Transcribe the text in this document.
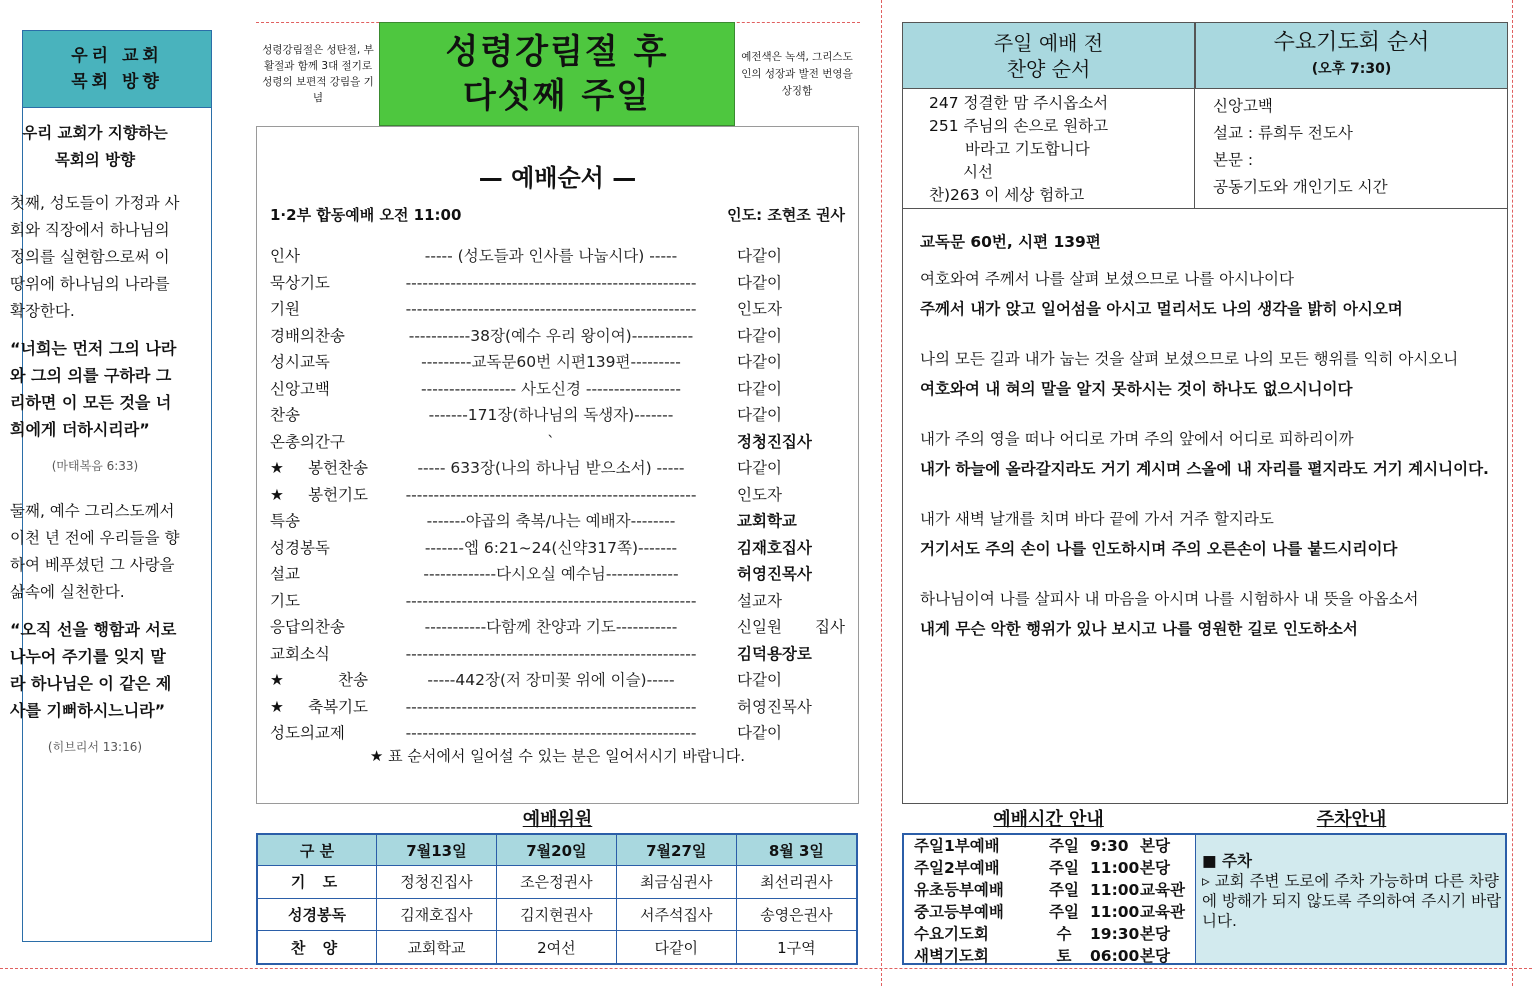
우리 교회
목회 방향

우리 교회가 지향하는
목회의 방향

첫째, 성도들이 가정과 사회와 직장에서 하나님의 정의를 실현함으로써 이 땅위에 하나님의 나라를 확장한다.

“너희는 먼저 그의 나라와 그의 의를 구하라 그리하면 이 모든 것을 너희에게 더하시리라”

(마태복음 6:33)

둘째, 예수 그리스도께서 이천 년 전에 우리들을 향하여 베푸셨던 그 사랑을 삶속에 실천한다.

“오직 선을 행함과 서로 나누어 주기를 잊지 말라 하나님은 이 같은 제사를 기뻐하시느니라”

(히브리서 13:16)

성령강림절은 성탄절, 부활절과 함께 3대 절기로 성령의 보편적 강림을 기념
성령강림절 후
다섯째 주일
예전색은 녹색, 그리스도인의 성장과 발전 번영을 상징함
— 예배순서 —
1·2부 합동예배 오전 11:00	인도: 조현조 권사
인사	----- (성도들과 인사를 나눕시다) -----	다같이
묵상기도	----------------------------------------------------	다같이
기원	----------------------------------------------------	인도자
경배의찬송	-----------38장(예수 우리 왕이여)-----------	다같이
성시교독	---------교독문60번 시편139편---------	다같이
신앙고백	----------------- 사도신경 -----------------	다같이
찬송	-------171장(하나님의 독생자)-------	다같이
온총의간구	`	정청진집사
★봉헌찬송	----- 633장(나의 하나님 받으소서) -----	다같이
★봉헌기도	----------------------------------------------------	인도자
특송	-------야곱의 축복/나는 예배자--------	교회학교
성경봉독	-------엡 6:21~24(신약317쪽)-------	김재호집사
설교	-------------다시오실 예수님-------------	허영진목사
기도	----------------------------------------------------	설교자
응답의찬송	-----------다함께 찬양과 기도-----------	신일원 집사
교회소식	----------------------------------------------------	김덕용장로
★찬송	-----442장(저 장미꽃 위에 이슬)-----	다같이
★축복기도	----------------------------------------------------	허영진목사
성도의교제	----------------------------------------------------	다같이
★ 표 순서에서 일어설 수 있는 분은 일어서시기 바랍니다.
예배위원
구 분	7월13일	7월20일	7월27일	8월 3일
기 도	정청진집사	조은정권사	최금심권사	최선리권사
성경봉독	김재호집사	김지현권사	서주석집사	송영은권사
찬 양	교회학교	2여선	다같이	1구역
주일 예배 전
찬양 순서
수요기도회 순서
(오후 7:30)
247 정결한 맘 주시옵소서
251 주님의 손으로 원하고
바라고 기도합니다
시선
찬)263 이 세상 험하고
신앙고백
설교 : 류희두 전도사
본문 :
공동기도와 개인기도 시간
교독문 60번, 시편 139편
여호와여 주께서 나를 살펴 보셨으므로 나를 아시나이다
주께서 내가 앉고 일어섬을 아시고 멀리서도 나의 생각을 밝히 아시오며
나의 모든 길과 내가 눕는 것을 살펴 보셨으므로 나의 모든 행위를 익히 아시오니
여호와여 내 혀의 말을 알지 못하시는 것이 하나도 없으시니이다
내가 주의 영을 떠나 어디로 가며 주의 앞에서 어디로 피하리이까
내가 하늘에 올라갈지라도 거기 계시며 스올에 내 자리를 펼지라도 거기 계시니이다.
내가 새벽 날개를 치며 바다 끝에 가서 거주 할지라도
거기서도 주의 손이 나를 인도하시며 주의 오른손이 나를 붙드시리이다
하나님이여 나를 살피사 내 마음을 아시며 나를 시험하사 내 뜻을 아옵소서
내게 무슨 악한 행위가 있나 보시고 나를 영원한 길로 인도하소서
예배시간 안내	주차안내
주일1부예배	주일 9:30 본당
주일2부예배	주일 11:00 본당
유초등부예배	주일 11:00 교육관
중고등부예배	주일 11:00 교육관
수요기도회	수	19:30 본당
새벽기도회	토	06:00 본당
■ 주차
▹ 교회 주변 도로에 주차 가능하며 다른 차량에 방해가 되지 않도록 주의하여 주시기 바랍니다.
